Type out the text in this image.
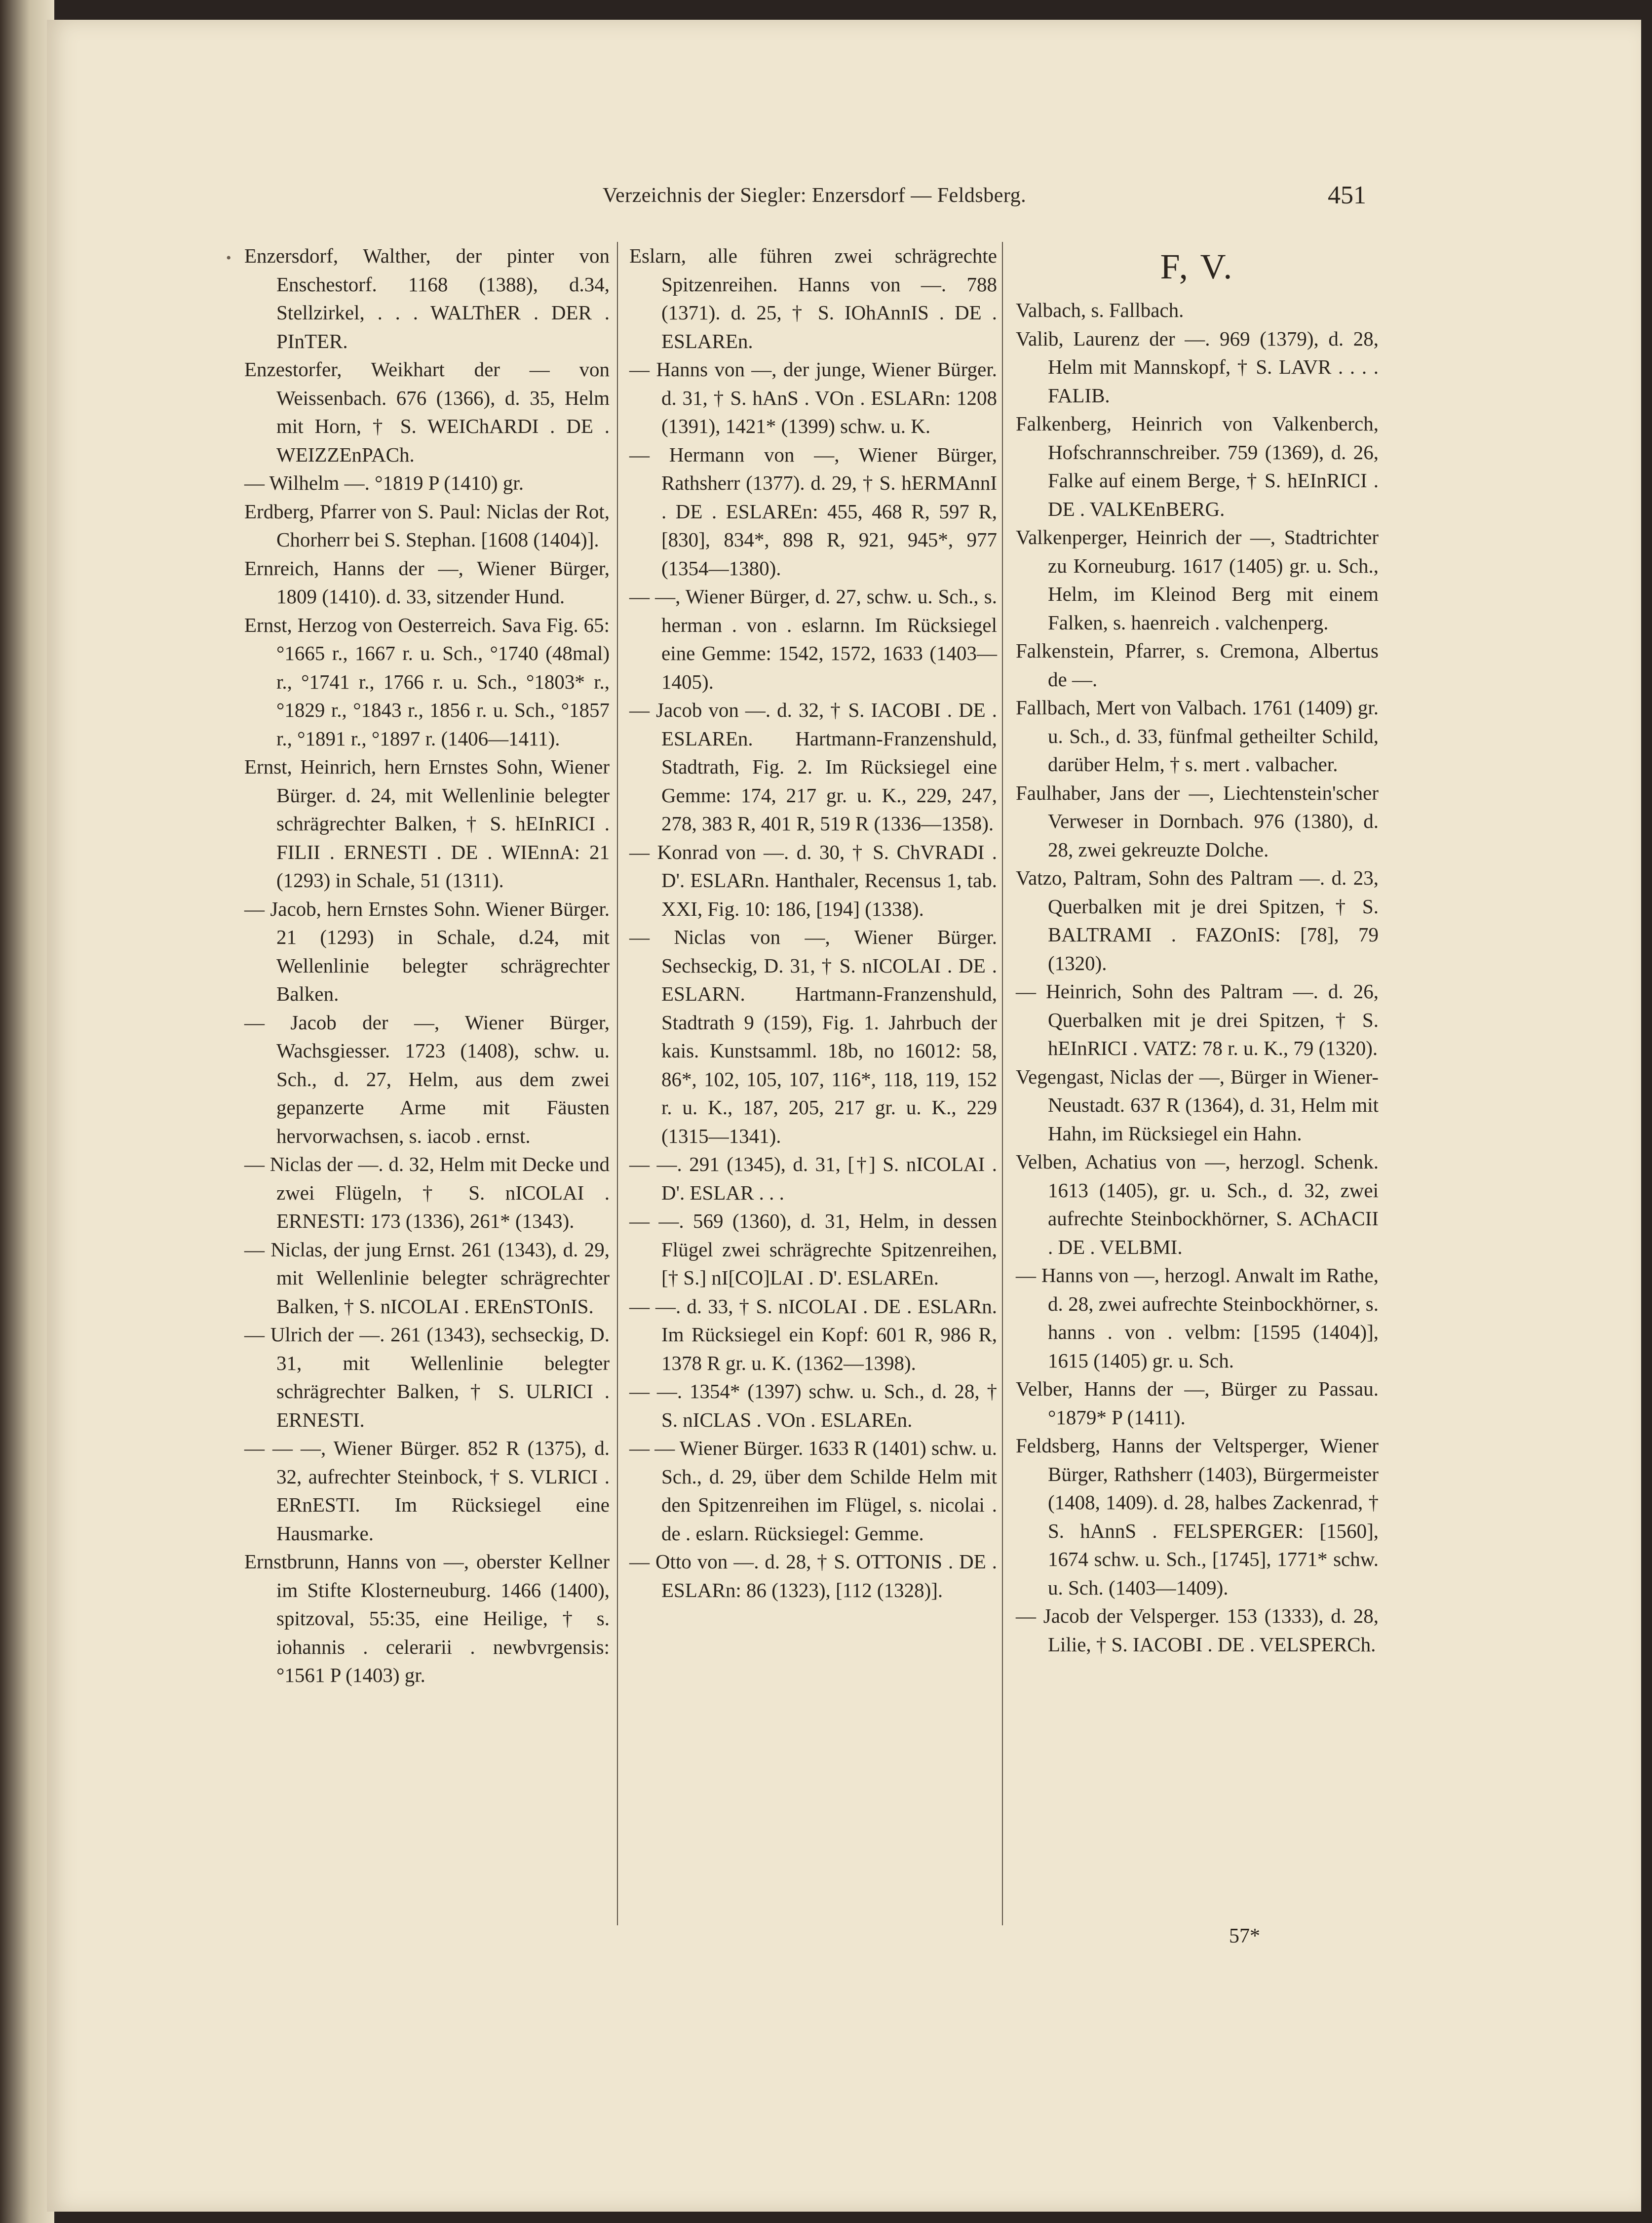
Verzeichnis der Siegler: Enzersdorf — Feldsberg.	451
• Enzersdorf, Walther, der pinter von Enschestorf. 1168 (1388), d.34, Stellzirkel, . . . WALThER . DER . PInTER.

Enzestorfer, Weikhart der — von Weissenbach. 676 (1366), d. 35, Helm mit Horn, † S. WEIChARDI . DE . WEIZZEnPACh.

— Wilhelm —. °1819 P (1410) gr.

Erdberg, Pfarrer von S. Paul: Niclas der Rot, Chorherr bei S. Stephan. [1608 (1404)].

Ernreich, Hanns der —, Wiener Bürger, 1809 (1410). d. 33, sitzender Hund.

Ernst, Herzog von Oesterreich. Sava Fig. 65: °1665 r., 1667 r. u. Sch., °1740 (48mal) r., °1741 r., 1766 r. u. Sch., °1803* r., °1829 r., °1843 r., 1856 r. u. Sch., °1857 r., °1891 r., °1897 r. (1406—1411).

Ernst, Heinrich, hern Ernstes Sohn, Wiener Bürger. d. 24, mit Wellenlinie belegter schrägrechter Balken, † S. hEInRICI . FILII . ERNESTI . DE . WIEnnA: 21 (1293) in Schale, 51 (1311).

— Jacob, hern Ernstes Sohn. Wiener Bürger. 21 (1293) in Schale, d.24, mit Wellenlinie belegter schrägrechter Balken.

— Jacob der —, Wiener Bürger, Wachsgiesser. 1723 (1408), schw. u. Sch., d. 27, Helm, aus dem zwei gepanzerte Arme mit Fäusten hervorwachsen, s. iacob . ernst.

— Niclas der —. d. 32, Helm mit Decke und zwei Flügeln, † S. nICOLAI . ERNESTI: 173 (1336), 261* (1343).

— Niclas, der jung Ernst. 261 (1343), d. 29, mit Wellenlinie belegter schrägrechter Balken, † S. nICOLAI . EREnSTOnIS.

— Ulrich der —. 261 (1343), sechseckig, D. 31, mit Wellenlinie belegter schrägrechter Balken, † S. ULRICI . ERNESTI.

— — —, Wiener Bürger. 852 R (1375), d. 32, aufrechter Steinbock, † S. VLRICI . ERnESTI. Im Rücksiegel eine Hausmarke.

Ernstbrunn, Hanns von —, oberster Kellner im Stifte Klosterneuburg. 1466 (1400), spitzoval, 55:35, eine Heilige, † s. iohannis . celerarii . newbvrgensis: °1561 P (1403) gr.

Eslarn, alle führen zwei schrägrechte Spitzenreihen. Hanns von —. 788 (1371). d. 25, † S. IOhAnnIS . DE . ESLAREn.

— Hanns von —, der junge, Wiener Bürger. d. 31, † S. hAnS . VOn . ESLARn: 1208 (1391), 1421* (1399) schw. u. K.

— Hermann von —, Wiener Bürger, Rathsherr (1377). d. 29, † S. hERMAnnI . DE . ESLAREn: 455, 468 R, 597 R, [830], 834*, 898 R, 921, 945*, 977 (1354—1380).

— —, Wiener Bürger, d. 27, schw. u. Sch., s. herman . von . eslarnn. Im Rücksiegel eine Gemme: 1542, 1572, 1633 (1403—1405).

— Jacob von —. d. 32, † S. IACOBI . DE . ESLAREn. Hartmann-Franzenshuld, Stadtrath, Fig. 2. Im Rücksiegel eine Gemme: 174, 217 gr. u. K., 229, 247, 278, 383 R, 401 R, 519 R (1336—1358).

— Konrad von —. d. 30, † S. ChVRADI . D'. ESLARn. Hanthaler, Recensus 1, tab. XXI, Fig. 10: 186, [194] (1338).

— Niclas von —, Wiener Bürger. Sechseckig, D. 31, † S. nICOLAI . DE . ESLARN. Hartmann-Franzenshuld, Stadtrath 9 (159), Fig. 1. Jahrbuch der kais. Kunstsamml. 18b, no 16012: 58, 86*, 102, 105, 107, 116*, 118, 119, 152 r. u. K., 187, 205, 217 gr. u. K., 229 (1315—1341).

— —. 291 (1345), d. 31, [†] S. nICOLAI . D'. ESLAR . . .

— —. 569 (1360), d. 31, Helm, in dessen Flügel zwei schrägrechte Spitzenreihen, [† S.] nI[CO]LAI . D'. ESLAREn.

— —. d. 33, † S. nICOLAI . DE . ESLARn. Im Rücksiegel ein Kopf: 601 R, 986 R, 1378 R gr. u. K. (1362—1398).

— —. 1354* (1397) schw. u. Sch., d. 28, † S. nICLAS . VOn . ESLAREn.

— — Wiener Bürger. 1633 R (1401) schw. u. Sch., d. 29, über dem Schilde Helm mit den Spitzenreihen im Flügel, s. nicolai . de . eslarn. Rücksiegel: Gemme.

— Otto von —. d. 28, † S. OTTONIS . DE . ESLARn: 86 (1323), [112 (1328)].

F, V.

Valbach, s. Fallbach.

Valib, Laurenz der —. 969 (1379), d. 28, Helm mit Mannskopf, † S. LAVR . . . . FALIB.

Falkenberg, Heinrich von Valkenberch, Hofschrannschreiber. 759 (1369), d. 26, Falke auf einem Berge, † S. hEInRICI . DE . VALKEnBERG.

Valkenperger, Heinrich der —, Stadtrichter zu Korneuburg. 1617 (1405) gr. u. Sch., Helm, im Kleinod Berg mit einem Falken, s. haenreich . valchenperg.

Falkenstein, Pfarrer, s. Cremona, Albertus de —.

Fallbach, Mert von Valbach. 1761 (1409) gr. u. Sch., d. 33, fünfmal getheilter Schild, darüber Helm, † s. mert . valbacher.

Faulhaber, Jans der —, Liechtenstein'scher Verweser in Dornbach. 976 (1380), d. 28, zwei gekreuzte Dolche.

Vatzo, Paltram, Sohn des Paltram —. d. 23, Querbalken mit je drei Spitzen, † S. BALTRAMI . FAZOnIS: [78], 79 (1320).

— Heinrich, Sohn des Paltram —. d. 26, Querbalken mit je drei Spitzen, † S. hEInRICI . VATZ: 78 r. u. K., 79 (1320).

Vegengast, Niclas der —, Bürger in Wiener-Neustadt. 637 R (1364), d. 31, Helm mit Hahn, im Rücksiegel ein Hahn.

Velben, Achatius von —, herzogl. Schenk. 1613 (1405), gr. u. Sch., d. 32, zwei aufrechte Steinbockhörner, S. AChACII . DE . VELBMI.

— Hanns von —, herzogl. Anwalt im Rathe, d. 28, zwei aufrechte Steinbockhörner, s. hanns . von . velbm: [1595 (1404)], 1615 (1405) gr. u. Sch.

Velber, Hanns der —, Bürger zu Passau. °1879* P (1411).

Feldsberg, Hanns der Veltsperger, Wiener Bürger, Rathsherr (1403), Bürgermeister (1408, 1409). d. 28, halbes Zackenrad, † S. hAnnS . FELSPERGER: [1560], 1674 schw. u. Sch., [1745], 1771* schw. u. Sch. (1403—1409).

— Jacob der Velsperger. 153 (1333), d. 28, Lilie, † S. IACOBI . DE . VELSPERCh.

57*
